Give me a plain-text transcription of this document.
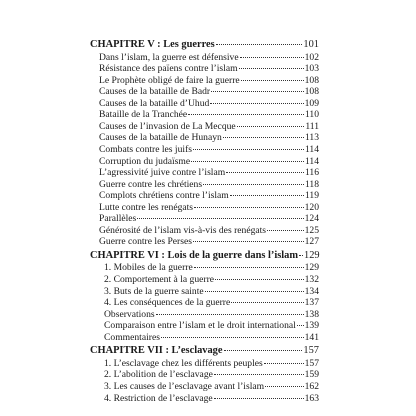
CHAPITRE V : Les guerres	101
Dans l’islam, la guerre est défensive	102
Résistance des païens contre l’islam	103
Le Prophète obligé de faire la guerre	108
Causes de la bataille de Badr	108
Causes de la bataille d’Uhud	109
Bataille de la Tranchée	110
Causes de l’invasion de La Mecque	111
Causes de la bataille de Hunayn	113
Combats contre les juifs	114
Corruption du judaïsme	114
L’agressivité juive contre l’islam	116
Guerre contre les chrétiens	118
Complots chrétiens contre l’islam	119
Lutte contre les renégats	120
Parallèles	124
Générosité de l’islam vis-à-vis des renégats	125
Guerre contre les Perses	127
CHAPITRE VI : Lois de la guerre dans l’islam 129
1. Mobiles de la guerre	129
2. Comportement à la guerre	132
3. Buts de la guerre sainte	134
4. Les conséquences de la guerre	137
Observations	138
Comparaison entre l’islam et le droit international 139
Commentaires	141
CHAPITRE VII : L’esclavage	157
1. L’esclavage chez les différents peuples	157
2. L’abolition de l’esclavage	159
3. Les causes de l’esclavage avant l’islam	162
4. Restriction de l’esclavage	163
